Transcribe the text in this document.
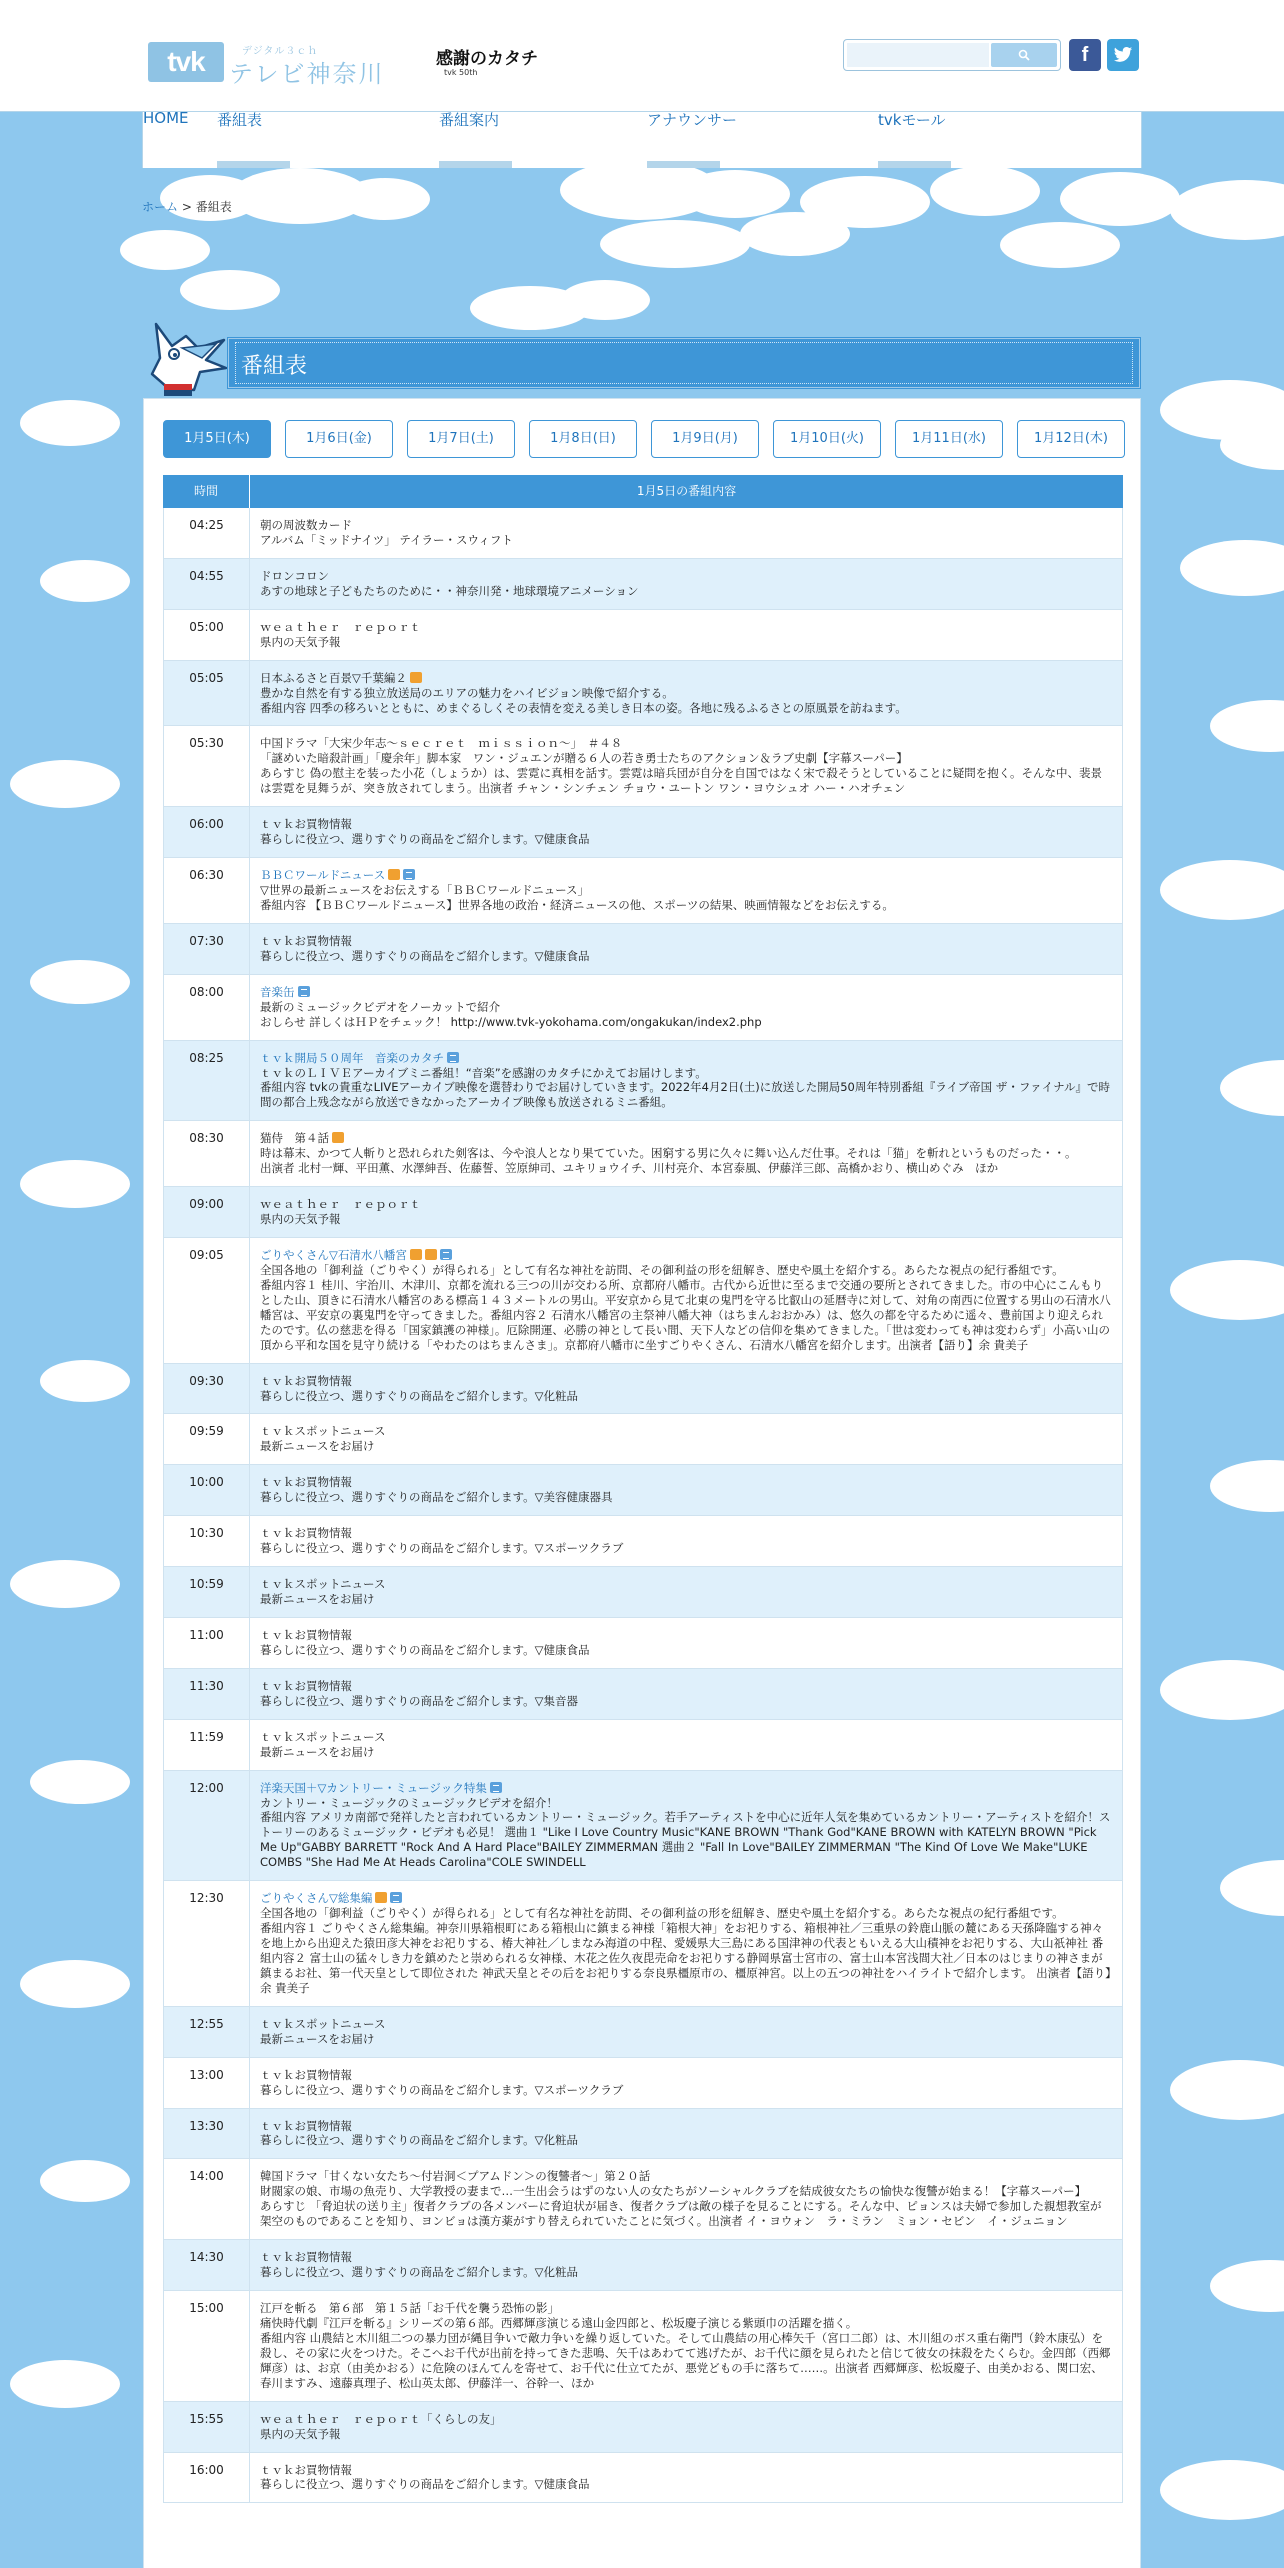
tvk	デジタル３ｃｈ
テレビ神奈川
感謝のカタチ
tvk 50th
f
HOME 番組表	番組案内	アナウンサー	tvkモール
ホーム > 番組表
番組表
1月5日(木)	1月6日(金)	1月7日(土)	1月8日(日)	1月9日(月)	1月10日(火)	1月11日(水)	1月12日(木)
時間	1月5日の番組内容
04:25	朝の周波数カード
アルバム「ミッドナイツ」 テイラー・スウィフト
04:55	ドロンコロン
あすの地球と子どもたちのために・・神奈川発・地球環境アニメーション
05:00	ｗｅａｔｈｅｒ　ｒｅｐｏｒｔ
県内の天気予報
05:05	日本ふるさと百景▽千葉編２
豊かな自然を有する独立放送局のエリアの魅力をハイビジョン映像で紹介する。
番組内容 四季の移ろいとともに、めまぐるしくその表情を変える美しき日本の姿。各地に残るふるさとの原風景を訪ねます。
05:30	中国ドラマ「大宋少年志～ｓｅｃｒｅｔ　ｍｉｓｓｉｏｎ～」　＃４８
「謎めいた暗殺計画」「慶余年」脚本家　ワン・ジュエンが贈る６人の若き勇士たちのアクション＆ラブ史劇【字幕スーパー】
あらすじ 偽の慰主を装った小花（しょうか）は、雲霓に真相を話す。雲霓は暗兵団が自分を自国ではなく宋で殺そうとしていることに疑問を抱く。そんな中、裴景は雲霓を見舞うが、突き放されてしまう。出演者 チャン・シンチェン チョウ・ユートン ワン・ヨウシュオ ハー・ハオチェン
06:00	ｔｖｋお買物情報
暮らしに役立つ、選りすぐりの商品をご紹介します。▽健康食品
06:30	ＢＢＣワールドニュース
▽世界の最新ニュースをお伝えする「ＢＢＣワールドニュース」
番組内容 【ＢＢＣワールドニュース】世界各地の政治・経済ニュースの他、スポーツの結果、映画情報などをお伝えする。
07:30	ｔｖｋお買物情報
暮らしに役立つ、選りすぐりの商品をご紹介します。▽健康食品
08:00	音楽缶
最新のミュージックビデオをノーカットで紹介
おしらせ 詳しくはＨＰをチェック！ http://www.tvk-yokohama.com/ongakukan/index2.php
08:25	ｔｖｋ開局５０周年　音楽のカタチ
ｔｖｋのＬＩＶＥアーカイブミニ番組！“音楽”を感謝のカタチにかえてお届けします。
番組内容 tvkの貴重なLIVEアーカイブ映像を選替わりでお届けしていきます。2022年4月2日(土)に放送した開局50周年特別番組『ライブ帝国 ザ・ファイナル』で時間の都合上残念ながら放送できなかったアーカイブ映像も放送されるミニ番組。
08:30	猫侍　第４話
時は幕末、かつて人斬りと恐れられた剣客は、今や浪人となり果てていた。困窮する男に久々に舞い込んだ仕事。それは「猫」を斬れというものだった・・。
出演者 北村一輝、平田薫、水澤紳吾、佐藤誓、笠原紳司、ユキリョウイチ、川村亮介、本宮泰風、伊藤洋三郎、高橋かおり、横山めぐみ　ほか
09:00	ｗｅａｔｈｅｒ　ｒｅｐｏｒｔ
県内の天気予報
09:05	ごりやくさん▽石清水八幡宮
全国各地の「御利益（ごりやく）が得られる」として有名な神社を訪問、その御利益の形を紐解き、歴史や風土を紹介する。あらたな視点の紀行番組です。
番組内容１ 桂川、宇治川、木津川、京都を流れる三つの川が交わる所、京都府八幡市。古代から近世に至るまで交通の要所とされてきました。市の中心にこんもりとした山、頂きに石清水八幡宮のある標高１４３メートルの男山。平安京から見て北東の鬼門を守る比叡山の延暦寺に対して、対角の南西に位置する男山の石清水八幡宮は、平安京の裏鬼門を守ってきました。番組内容２ 石清水八幡宮の主祭神八幡大神（はちまんおおかみ）は、悠久の都を守るために遥々、豊前国より迎えられたのです。仏の慈悲を得る「国家鎮護の神様」。厄除開運、必勝の神として長い間、天下人などの信仰を集めてきました。「世は変わっても神は変わらず」小高い山の頂から平和な国を見守り続ける「やわたのはちまんさま」。京都府八幡市に坐すごりやくさん、石清水八幡宮を紹介します。出演者【語り】余 貴美子
09:30	ｔｖｋお買物情報
暮らしに役立つ、選りすぐりの商品をご紹介します。▽化粧品
09:59	ｔｖｋスポットニュース
最新ニュースをお届け
10:00	ｔｖｋお買物情報
暮らしに役立つ、選りすぐりの商品をご紹介します。▽美容健康器具
10:30	ｔｖｋお買物情報
暮らしに役立つ、選りすぐりの商品をご紹介します。▽スポーツクラブ
10:59	ｔｖｋスポットニュース
最新ニュースをお届け
11:00	ｔｖｋお買物情報
暮らしに役立つ、選りすぐりの商品をご紹介します。▽健康食品
11:30	ｔｖｋお買物情報
暮らしに役立つ、選りすぐりの商品をご紹介します。▽集音器
11:59	ｔｖｋスポットニュース
最新ニュースをお届け
12:00	洋楽天国＋▽カントリー・ミュージック特集
カントリー・ミュージックのミュージックビデオを紹介！
番組内容 アメリカ南部で発祥したと言われているカントリー・ミュージック。若手アーティストを中心に近年人気を集めているカントリー・アーティストを紹介！ストーリーのあるミュージック・ビデオも必見！ 選曲１ "Like I Love Country Music"KANE BROWN "Thank God"KANE BROWN with KATELYN BROWN "Pick Me Up"GABBY BARRETT "Rock And A Hard Place"BAILEY ZIMMERMAN 選曲２ "Fall In Love"BAILEY ZIMMERMAN "The Kind Of Love We Make"LUKE COMBS "She Had Me At Heads Carolina"COLE SWINDELL
12:30	ごりやくさん▽総集編
全国各地の「御利益（ごりやく）が得られる」として有名な神社を訪問、その御利益の形を紐解き、歴史や風土を紹介する。あらたな視点の紀行番組です。
番組内容１ ごりやくさん総集編。神奈川県箱根町にある箱根山に鎮まる神様「箱根大神」をお祀りする、箱根神社／三重県の鈴鹿山脈の麓にある天孫降臨する神々を地上から出迎えた猿田彦大神をお祀りする、椿大神社／しまなみ海道の中程、愛媛県大三島にある国津神の代表ともいえる大山積神をお祀りする、大山祇神社 番組内容２ 富士山の猛々しき力を鎮めたと崇められる女神様、木花之佐久夜毘売命をお祀りする静岡県富士宮市の、富士山本宮浅間大社／日本のはじまりの神さまが鎮まるお社、第一代天皇として即位された 神武天皇とその后をお祀りする奈良県橿原市の、橿原神宮。以上の五つの神社をハイライトで紹介します。 出演者【語り】余 貴美子
12:55	ｔｖｋスポットニュース
最新ニュースをお届け
13:00	ｔｖｋお買物情報
暮らしに役立つ、選りすぐりの商品をご紹介します。▽スポーツクラブ
13:30	ｔｖｋお買物情報
暮らしに役立つ、選りすぐりの商品をご紹介します。▽化粧品
14:00	韓国ドラマ「甘くない女たち～付岩洞＜プアムドン＞の復讐者～」第２０話
財閥家の娘、市場の魚売り、大学教授の妻まで…一生出会うはずのない人の女たちがソーシャルクラブを結成彼女たちの愉快な復讐が始まる！【字幕スーパー】
あらすじ 「脅迫状の送り主」復者クラブの各メンバーに脅迫状が届き、復者クラブは敵の様子を見ることにする。そんな中、ピョンスは夫婦で参加した親想教室が架空のものであることを知り、ヨンビョは漢方薬がすり替えられていたことに気づく。出演者 イ・ヨウォン　ラ・ミラン　ミョン・セビン　イ・ジュニョン
14:30	ｔｖｋお買物情報
暮らしに役立つ、選りすぐりの商品をご紹介します。▽化粧品
15:00	江戸を斬る　第６部　第１５話「お千代を襲う恐怖の影」
痛快時代劇『江戸を斬る』シリーズの第６部。西郷輝彦演じる遠山金四郎と、松坂慶子演じる紫頭巾の活躍を描く。
番組内容 山農結と木川組二つの暴力団が縄目争いで敵力争いを繰り返していた。そして山農結の用心棒矢千（宮口二郎）は、木川組のボス重右衛門（鈴木康弘）を殺し、その家に火をつけた。そこへお千代が出前を持ってきた悲鳴、矢千はあわてて逃げたが、お千代に顔を見られたと信じて彼女の抹殺をたくらむ。金四郎（西郷輝彦）は、お京（由美かおる）に危険のほんてんを寄せて、お千代に仕立てたが、悪党どもの手に落ちて……。出演者 西郷輝彦、松坂慶子、由美かおる、関口宏、春川ますみ、遠藤真理子、松山英太郎、伊藤洋一、谷幹一、ほか
15:55	ｗｅａｔｈｅｒ　ｒｅｐｏｒｔ「くらしの友」
県内の天気予報
16:00	ｔｖｋお買物情報
暮らしに役立つ、選りすぐりの商品をご紹介します。▽健康食品
